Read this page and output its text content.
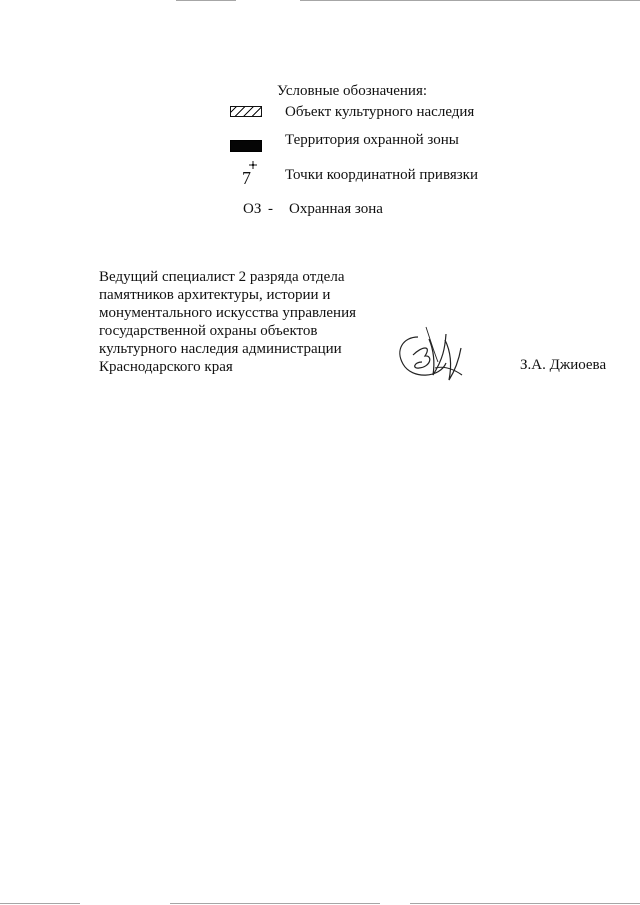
Условные обозначения:
Объект культурного наследия
Территория охранной зоны
7 Точки координатной привязки
ОЗ - Охранная зона
Ведущий специалист 2 разряда отдела
памятников архитектуры, истории и
монументального искусства управления
государственной охраны объектов
культурного наследия администрации
Краснодарского края	З.А. Джиоева
